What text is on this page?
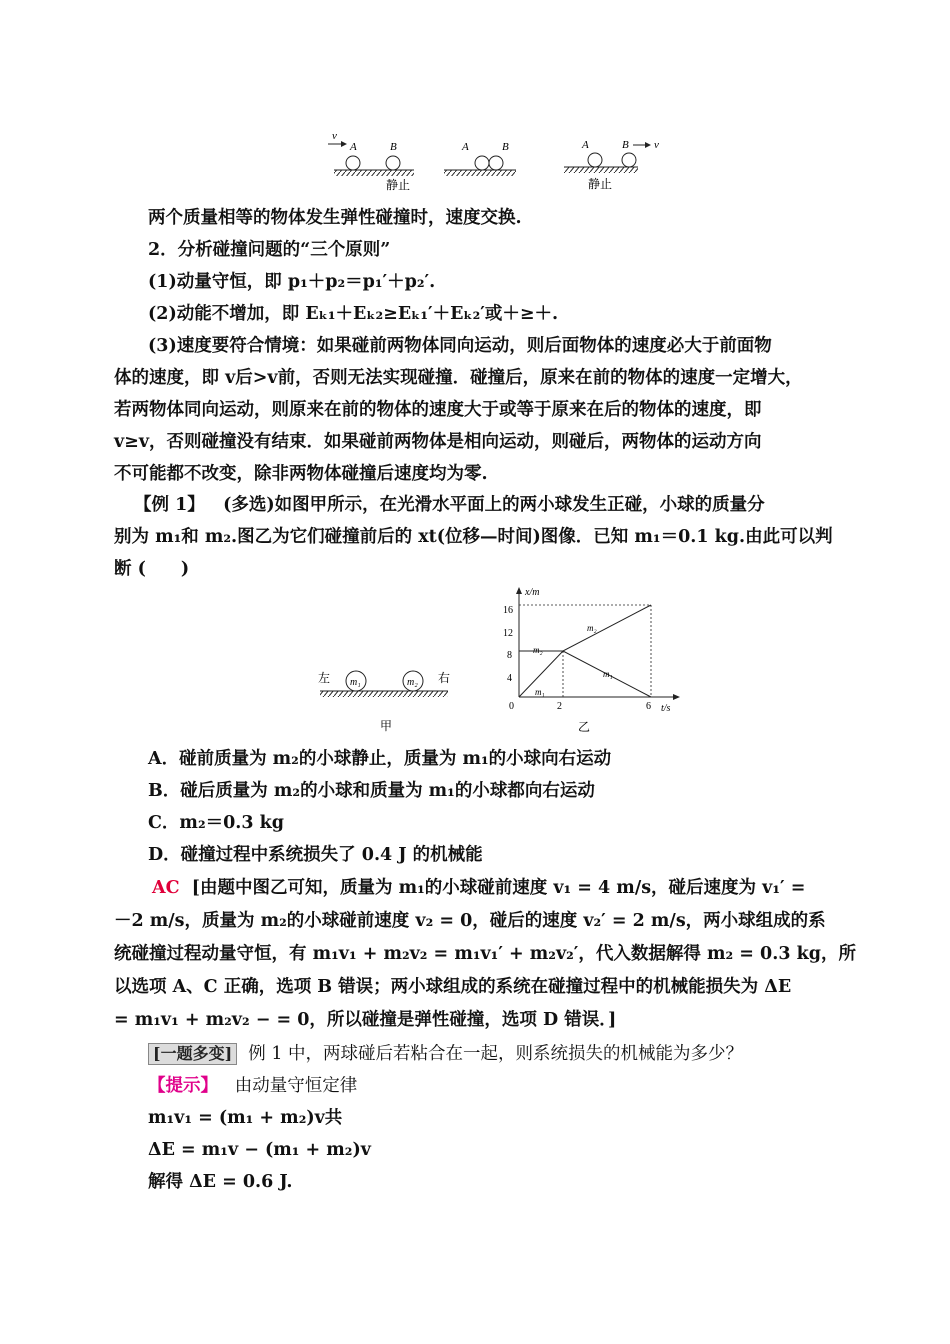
v
A	B
静止
A	B	A	B v
静止
两个质量相等的物体发生弹性碰撞时，速度交换.
2．分析碰撞问题的“三个原则”
(1)动量守恒，即 p₁＋p₂＝p₁′＋p₂′.
(2)动能不增加，即 Eₖ₁＋Eₖ₂≥Eₖ₁′＋Eₖ₂′或＋≥＋.
(3)速度要符合情境：如果碰前两物体同向运动，则后面物体的速度必大于前面物
体的速度，即 v后>v前，否则无法实现碰撞．碰撞后，原来在前的物体的速度一定增大，
若两物体同向运动，则原来在前的物体的速度大于或等于原来在后的物体的速度，即
v≥v，否则碰撞没有结束．如果碰前两物体是相向运动，则碰后，两物体的运动方向
不可能都不改变，除非两物体碰撞后速度均为零.
【例 1】 (多选)如图甲所示，在光滑水平面上的两小球发生正碰，小球的质量分
别为 m₁和 m₂.图乙为它们碰撞前后的 xt(位移—时间)图像．已知 m₁＝0.1 kg.由此可以判
断 (　　)
左	右
m₁	m₂
甲
x/m
t/s
0	2	6
4
8
12
16
m₂
m₂
m₁
m₁
乙
A．碰前质量为 m₂的小球静止，质量为 m₁的小球向右运动
B．碰后质量为 m₂的小球和质量为 m₁的小球都向右运动
C．m₂＝0.3 kg
D．碰撞过程中系统损失了 0.4 J 的机械能
AC [由题中图乙可知，质量为 m₁的小球碰前速度 v₁ = 4 m/s，碰后速度为 v₁′ =
－2 m/s，质量为 m₂的小球碰前速度 v₂ = 0，碰后的速度 v₂′ = 2 m/s，两小球组成的系
统碰撞过程动量守恒，有 m₁v₁ + m₂v₂ = m₁v₁′ + m₂v₂′，代入数据解得 m₂ = 0.3 kg，所
以选项 A、C 正确，选项 B 错误；两小球组成的系统在碰撞过程中的机械能损失为 ΔE
= m₁v₁ + m₂v₂ − = 0，所以碰撞是弹性碰撞，选项 D 错误．]
[一题多变] 例 1 中，两球碰后若粘合在一起，则系统损失的机械能为多少？
【提示】 由动量守恒定律
m₁v₁ = (m₁ + m₂)v共
ΔE = m₁v − (m₁ + m₂)v
解得 ΔE = 0.6 J.
